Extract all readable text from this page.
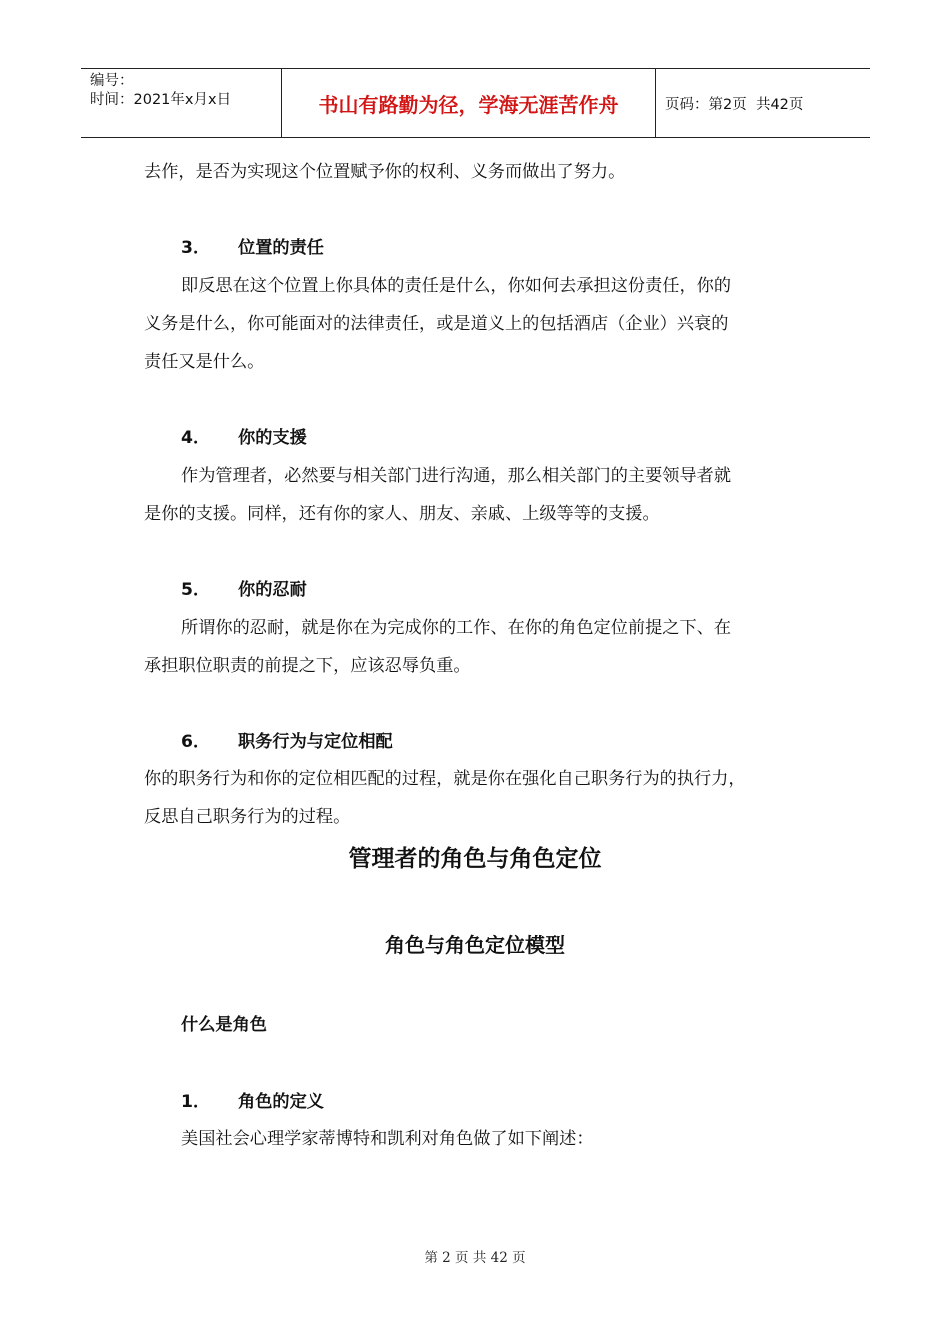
编号：
时间：2021年x月x日	书山有路勤为径，学海无涯苦作舟	页码：第2页  共42页
去作，是否为实现这个位置赋予你的权利、义务而做出了努力。
3． 位置的责任
即反思在这个位置上你具体的责任是什么，你如何去承担这份责任，你的
义务是什么，你可能面对的法律责任，或是道义上的包括酒店（企业）兴衰的
责任又是什么。
4． 你的支援
作为管理者，必然要与相关部门进行沟通，那么相关部门的主要领导者就
是你的支援。同样，还有你的家人、朋友、亲戚、上级等等的支援。
5． 你的忍耐
所谓你的忍耐，就是你在为完成你的工作、在你的角色定位前提之下、在
承担职位职责的前提之下，应该忍辱负重。
6． 职务行为与定位相配
你的职务行为和你的定位相匹配的过程，就是你在强化自己职务行为的执行力，
反思自己职务行为的过程。
管理者的角色与角色定位
角色与角色定位模型
什么是角色
1． 角色的定义
美国社会心理学家蒂博特和凯利对角色做了如下阐述：
第 2 页 共 42 页
